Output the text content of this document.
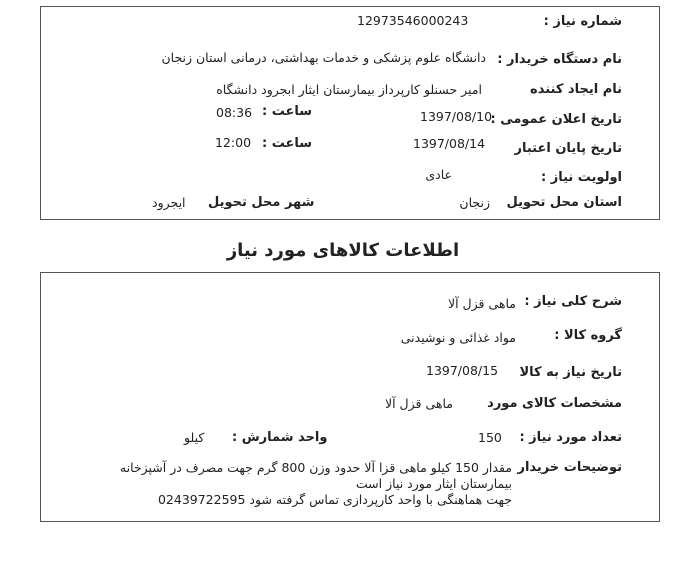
شماره نیاز :
12973546000243
نام دستگاه خریدار :
دانشگاه علوم پزشکی و خدمات بهداشتی، درمانی استان زنجان
نام ایجاد کننده
امیر حسنلو کارپرداز بیمارستان ایثار ابجرود دانشگاه
تاریخ اعلان عمومی :
1397/08/10
ساعت :
08:36
تاریخ پایان اعتبار
1397/08/14
ساعت :
12:00
اولویت نیاز :
عادی
استان محل تحویل
زنجان
شهر محل تحویل
ایجرود
اطلاعات کالاهای مورد نیاز
شرح کلی نیاز :
ماهی قزل آلا
گروه کالا :
مواد غذائی و نوشیدنی
تاریخ نیاز به کالا
1397/08/15
مشخصات کالای مورد
ماهی قزل آلا
تعداد مورد نیاز :
150
واحد شمارش :
کیلو
توضیحات خریدار
مقدار 150 کیلو ماهی قزا آلا حدود وزن 800 گرم جهت مصرف در آشپزخانه
بیمارستان ایثار مورد نیاز است
جهت هماهنگی با واحد کارپردازی تماس گرفته شود 02439722595
